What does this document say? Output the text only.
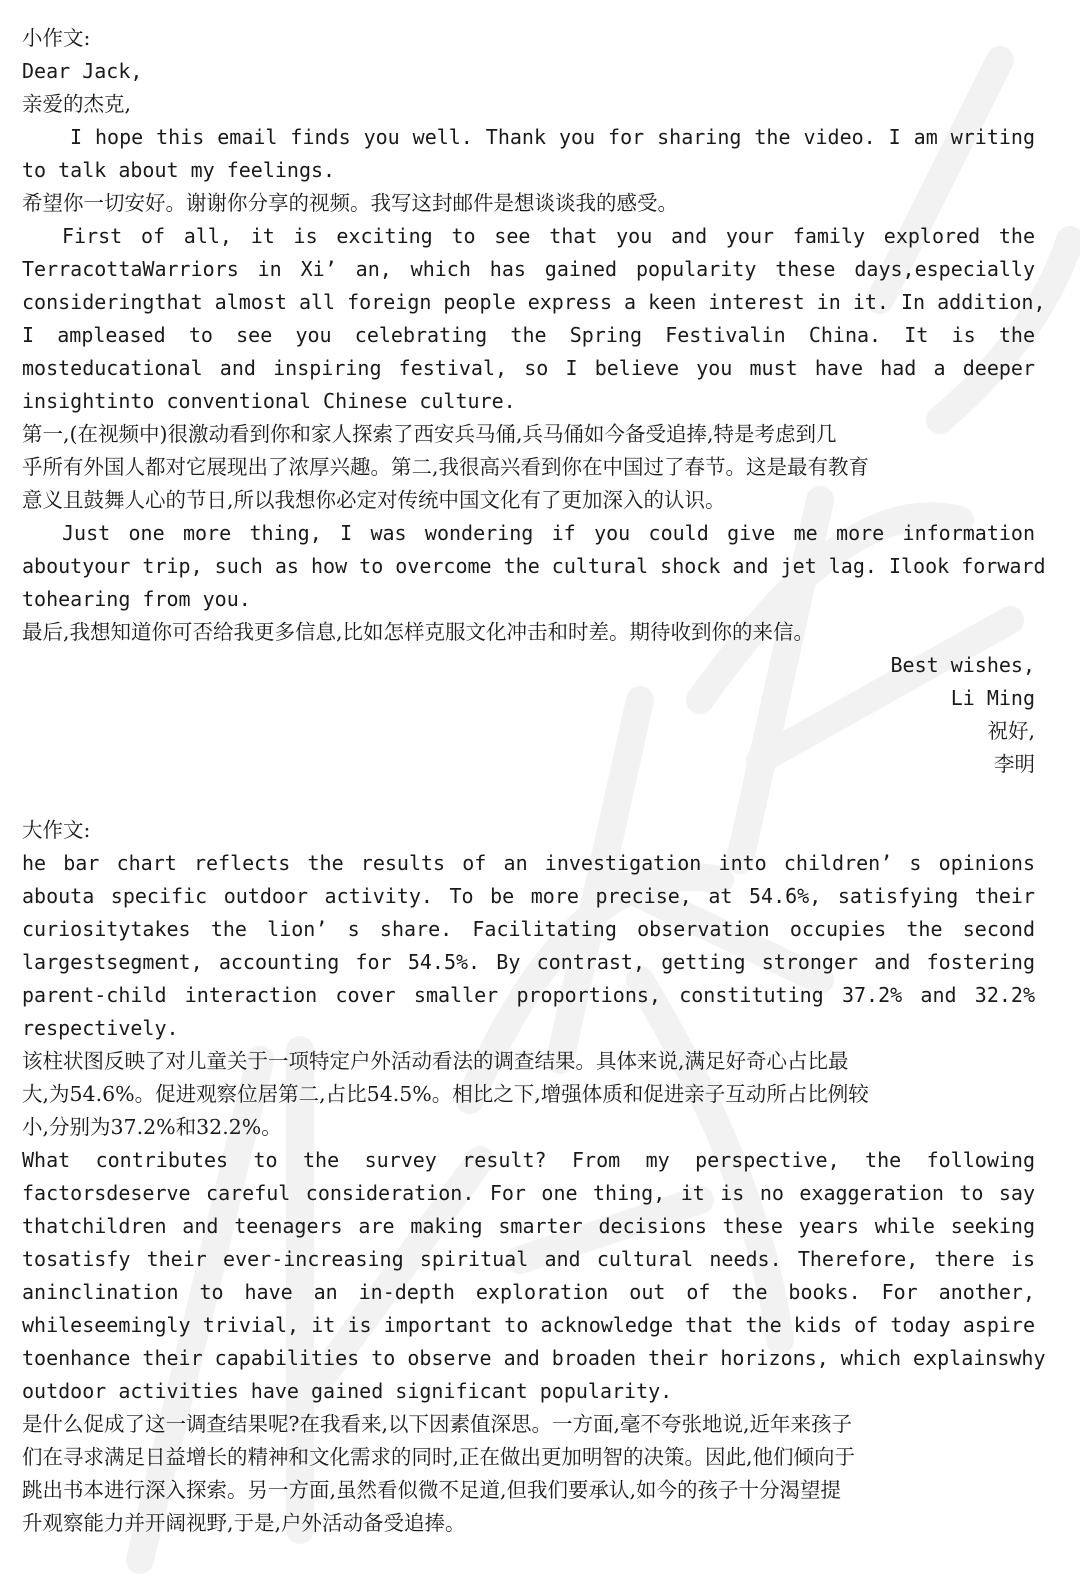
小作文:
Dear Jack,
亲爱的杰克,
I hope this email finds you well. Thank you for sharing the video. I am writing
to talk about my feelings.
希望你一切安好。谢谢你分享的视频。我写这封邮件是想谈谈我的感受。
First of all, it is exciting to see that you and your family explored the
TerracottaWarriors in Xi’ an, which has gained popularity these days,especially
consideringthat almost all foreign people express a keen interest in it. In addition,
I ampleased to see you celebrating the Spring Festivalin China. It is the
mosteducational and inspiring festival, so I believe you must have had a deeper
insightinto conventional Chinese culture.
第一,(在视频中)很激动看到你和家人探索了西安兵马俑,兵马俑如今备受追捧,特是考虑到几
乎所有外国人都对它展现出了浓厚兴趣。第二,我很高兴看到你在中国过了春节。这是最有教育
意义且鼓舞人心的节日,所以我想你必定对传统中国文化有了更加深入的认识。
Just one more thing, I was wondering if you could give me more information
aboutyour trip, such as how to overcome the cultural shock and jet lag. Ilook forward
tohearing from you.
最后,我想知道你可否给我更多信息,比如怎样克服文化冲击和时差。期待收到你的来信。
Best wishes,
Li Ming
祝好,
李明
大作文:
he bar chart reflects the results of an investigation into children’ s opinions
abouta specific outdoor activity. To be more precise, at 54.6%, satisfying their
curiositytakes the lion’ s share. Facilitating observation occupies the second
largestsegment, accounting for 54.5%. By contrast, getting stronger and fostering
parent-child interaction cover smaller proportions, constituting 37.2% and 32.2%
respectively.
该柱状图反映了对儿童关于一项特定户外活动看法的调查结果。具体来说,满足好奇心占比最
大,为54.6%。促进观察位居第二,占比54.5%。相比之下,增强体质和促进亲子互动所占比例较
小,分别为37.2%和32.2%。
What contributes to the survey result? From my perspective, the following
factorsdeserve careful consideration. For one thing, it is no exaggeration to say
thatchildren and teenagers are making smarter decisions these years while seeking
tosatisfy their ever-increasing spiritual and cultural needs. Therefore, there is
aninclination to have an in-depth exploration out of the books. For another,
whileseemingly trivial, it is important to acknowledge that the kids of today aspire
toenhance their capabilities to observe and broaden their horizons, which explainswhy
outdoor activities have gained significant popularity.
是什么促成了这一调查结果呢?在我看来,以下因素值深思。一方面,毫不夸张地说,近年来孩子
们在寻求满足日益增长的精神和文化需求的同时,正在做出更加明智的决策。因此,他们倾向于
跳出书本进行深入探索。另一方面,虽然看似微不足道,但我们要承认,如今的孩子十分渴望提
升观察能力并开阔视野,于是,户外活动备受追捧。
